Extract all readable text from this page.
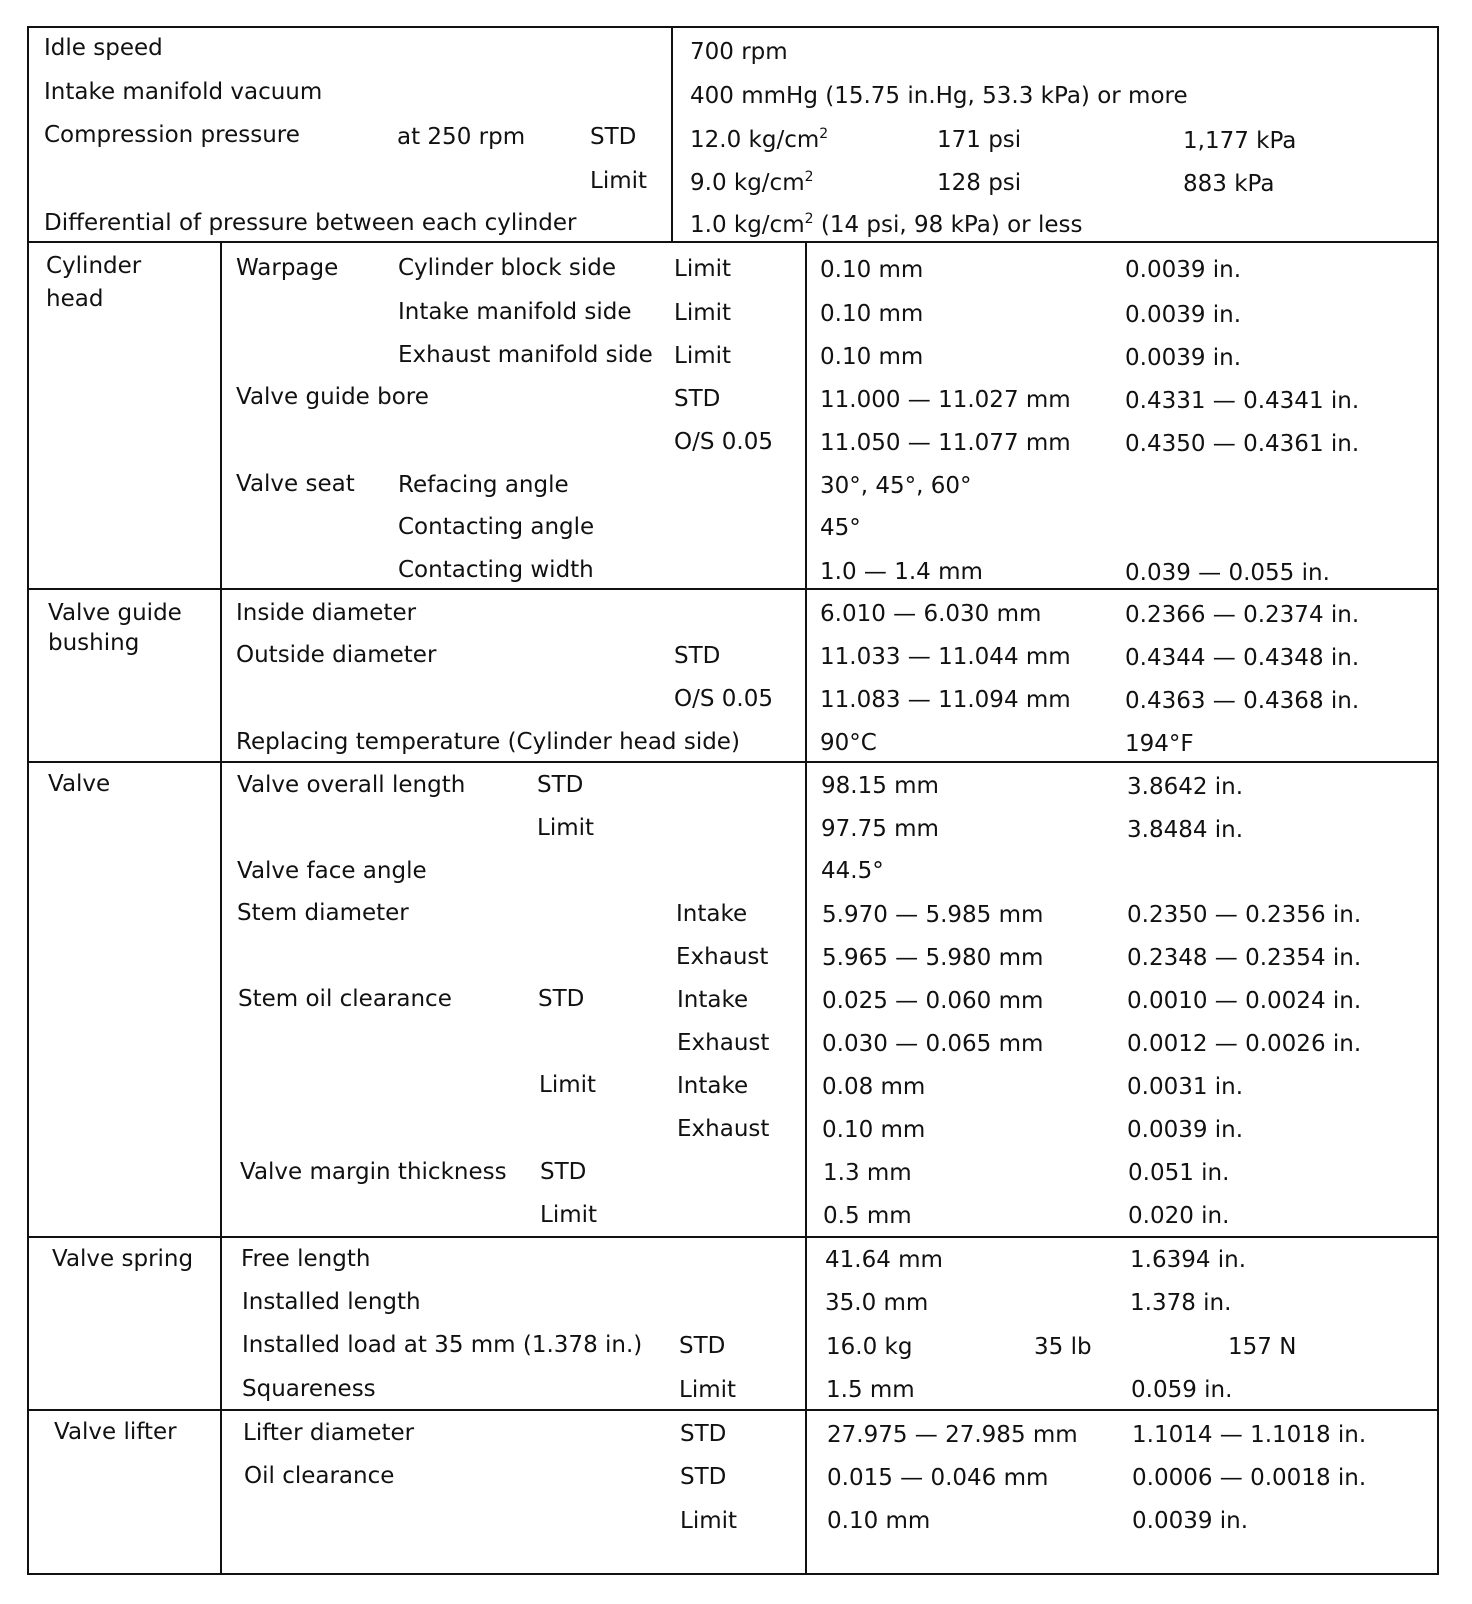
Idle speed	700 rpm
Intake manifold vacuum	400 mmHg (15.75 in.Hg, 53.3 kPa) or more
Compression pressure	at 250 rpm	STD 12.0 $kg/cm^2$	171 psi	1,177 kPa
Limit 9.0 $kg/cm^2$	128 psi	883 kPa
Differential of pressure between each cylinder	1.0 $kg/cm^2$ (14 psi, 98 kPa) or less
Cylinder
head
Warpage	Cylinder block side	Limit	0.10 mm	0.0039 in.
Intake manifold side Limit	0.10 mm	0.0039 in.
Exhaust manifold side Limit	0.10 mm	0.0039 in.
Valve guide bore	STD	11.000 — 11.027 mm 0.4331 — 0.4341 in.
O/S 0.05 11.050 — 11.077 mm 0.4350 — 0.4361 in.
Valve seat Refacing angle	30°, 45°, 60°
Contacting angle	45°
Contacting width	1.0 — 1.4 mm	0.039 — 0.055 in.
Valve guide
bushing
Inside diameter	6.010 — 6.030 mm	0.2366 — 0.2374 in.
Outside diameter	STD	11.033 — 11.044 mm 0.4344 — 0.4348 in.
O/S 0.05 11.083 — 11.094 mm 0.4363 — 0.4368 in.
Replacing temperature (Cylinder head side)	90°C	194°F
Valve	Valve overall length	STD	98.15 mm	3.8642 in.
Limit	97.75 mm	3.8484 in.
Valve face angle	44.5°
Stem diameter	Intake	5.970 — 5.985 mm	0.2350 — 0.2356 in.
Exhaust 5.965 — 5.980 mm	0.2348 — 0.2354 in.
Stem oil clearance	STD	Intake	0.025 — 0.060 mm	0.0010 — 0.0024 in.
Exhaust 0.030 — 0.065 mm	0.0012 — 0.0026 in.
Limit	Intake	0.08 mm	0.0031 in.
Exhaust 0.10 mm	0.0039 in.
Valve margin thickness STD	1.3 mm	0.051 in.
Limit	0.5 mm	0.020 in.
Valve spring Free length	41.64 mm	1.6394 in.
Installed length	35.0 mm	1.378 in.
Installed load at 35 mm (1.378 in.) STD	16.0 kg	35 lb	157 N
Squareness	Limit	1.5 mm	0.059 in.
Valve lifter	Lifter diameter	STD	27.975 — 27.985 mm 1.1014 — 1.1018 in.
Oil clearance	STD	0.015 — 0.046 mm	0.0006 — 0.0018 in.
Limit	0.10 mm	0.0039 in.
